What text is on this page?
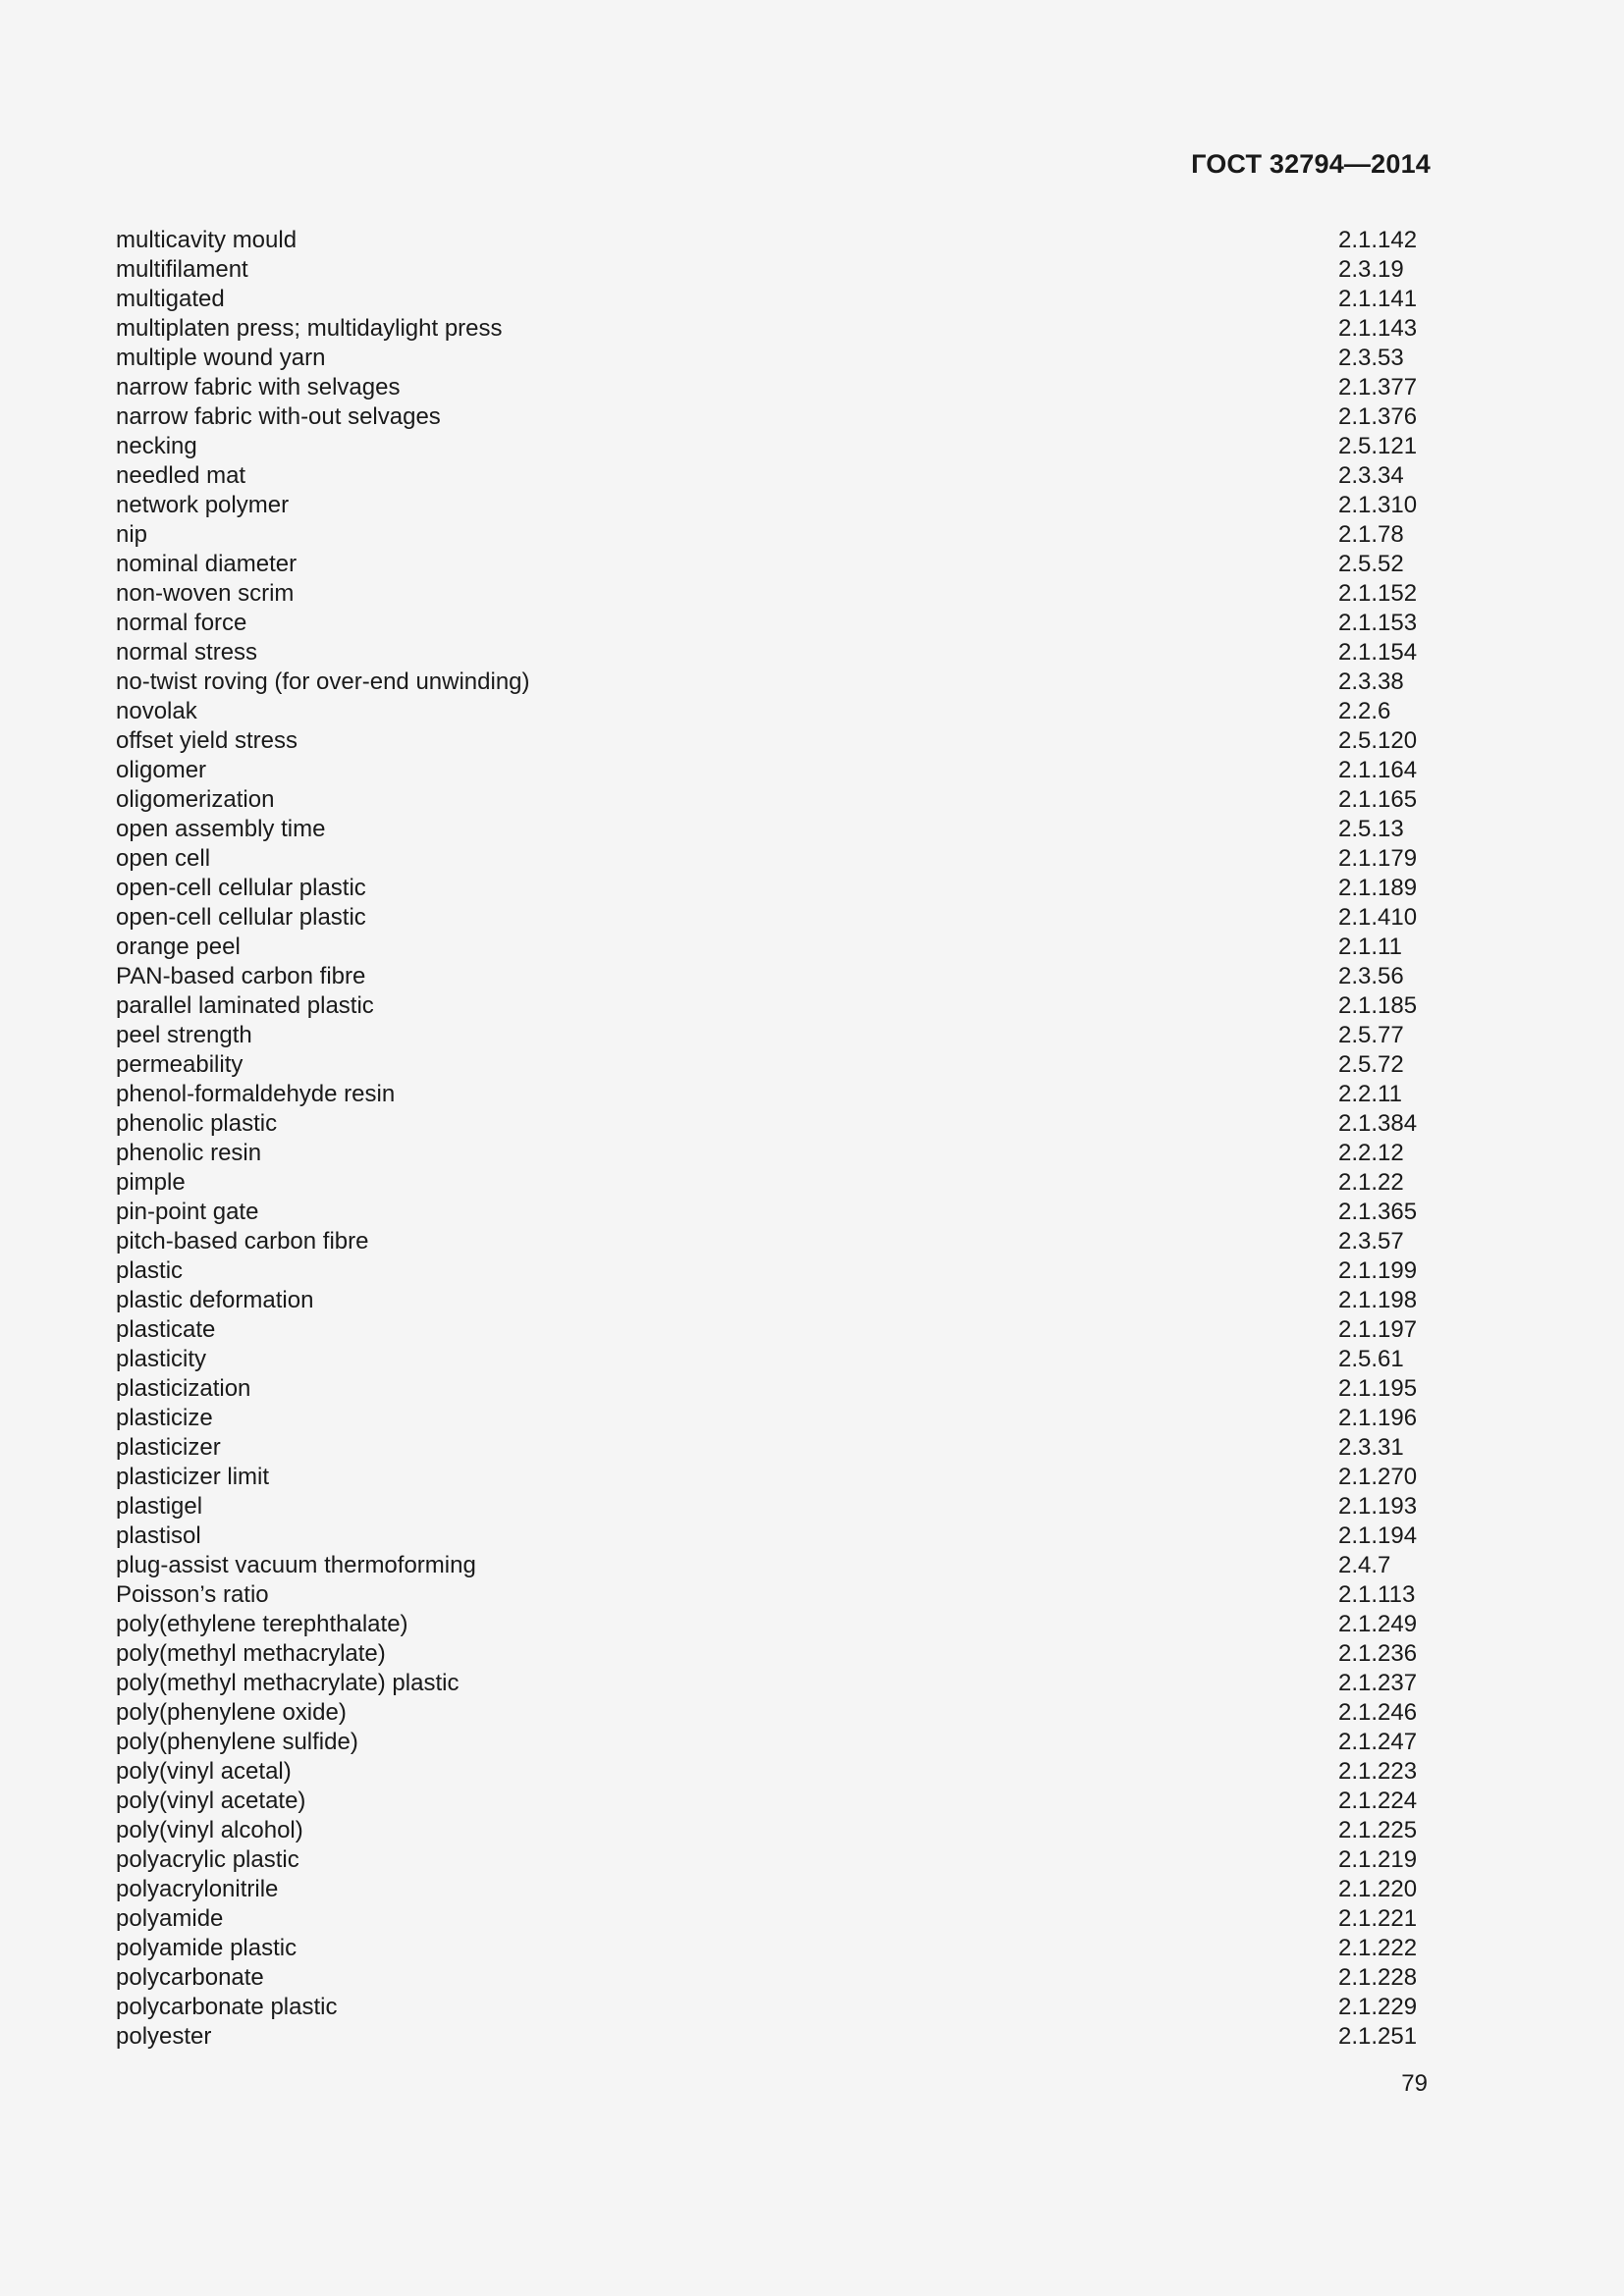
ГОСТ 32794—2014
multicavity mould	2.1.142
multifilament	2.3.19
multigated	2.1.141
multiplaten press; multidaylight press	2.1.143
multiple wound yarn	2.3.53
narrow fabric with selvages	2.1.377
narrow fabric with-out selvages	2.1.376
necking	2.5.121
needled mat	2.3.34
network polymer	2.1.310
nip	2.1.78
nominal diameter	2.5.52
non-woven scrim	2.1.152
normal force	2.1.153
normal stress	2.1.154
no-twist roving (for over-end unwinding)	2.3.38
novolak	2.2.6
offset yield stress	2.5.120
oligomer	2.1.164
oligomerization	2.1.165
open assembly time	2.5.13
open cell	2.1.179
open-cell cellular plastic	2.1.189
open-cell cellular plastic	2.1.410
orange peel	2.1.11
PAN-based carbon fibre	2.3.56
parallel laminated plastic	2.1.185
peel strength	2.5.77
permeability	2.5.72
phenol-formaldehyde resin	2.2.11
phenolic plastic	2.1.384
phenolic resin	2.2.12
pimple	2.1.22
pin-point gate	2.1.365
pitch-based carbon fibre	2.3.57
plastic	2.1.199
plastic deformation	2.1.198
plasticate	2.1.197
plasticity	2.5.61
plasticization	2.1.195
plasticize	2.1.196
plasticizer	2.3.31
plasticizer limit	2.1.270
plastigel	2.1.193
plastisol	2.1.194
plug-assist vacuum thermoforming	2.4.7
Poisson’s ratio	2.1.113
poly(ethylene terephthalate)	2.1.249
poly(methyl methacrylate)	2.1.236
poly(methyl methacrylate) plastic	2.1.237
poly(phenylene oxide)	2.1.246
poly(phenylene sulfide)	2.1.247
poly(vinyl acetal)	2.1.223
poly(vinyl acetate)	2.1.224
poly(vinyl alcohol)	2.1.225
polyacrylic plastic	2.1.219
polyacrylonitrile	2.1.220
polyamide	2.1.221
polyamide plastic	2.1.222
polycarbonate	2.1.228
polycarbonate plastic	2.1.229
polyester	2.1.251
79
